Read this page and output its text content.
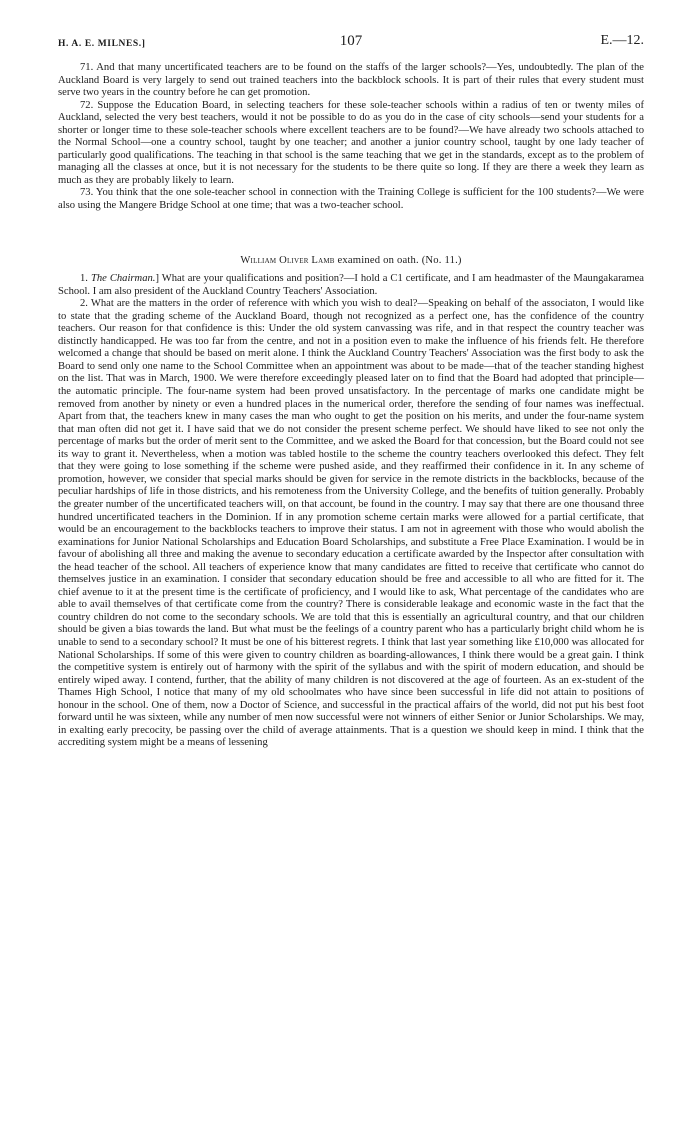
H. A. E. MILNES.]	107	E.—12.

71. And that many uncertificated teachers are to be found on the staffs of the larger schools?—Yes, undoubtedly. The plan of the Auckland Board is very largely to send out trained teachers into the backblock schools. It is part of their rules that every student must serve two years in the country before he can get promotion.

72. Suppose the Education Board, in selecting teachers for these sole-teacher schools within a radius of ten or twenty miles of Auckland, selected the very best teachers, would it not be possible to do as you do in the case of city schools—send your students for a shorter or longer time to these sole-teacher schools where excellent teachers are to be found?—We have already two schools attached to the Normal School—one a country school, taught by one teacher; and another a junior country school, taught by one lady teacher of particularly good qualifications. The teaching in that school is the same teaching that we get in the standards, except as to the problem of managing all the classes at once, but it is not necessary for the students to be there quite so long. If they are there a week they learn as much as they are probably likely to learn.

73. You think that the one sole-teacher school in connection with the Training College is sufficient for the 100 students?—We were also using the Mangere Bridge School at one time; that was a two-teacher school.

William Oliver Lamb examined on oath. (No. 11.)

1. The Chairman.] What are your qualifications and position?—I hold a C1 certificate, and I am headmaster of the Maungakaramea School. I am also president of the Auckland Country Teachers' Association.

2. What are the matters in the order of reference with which you wish to deal?—Speaking on behalf of the associaton, I would like to state that the grading scheme of the Auckland Board, though not recognized as a perfect one, has the confidence of the country teachers. Our reason for that confidence is this: Under the old system canvassing was rife, and in that respect the country teacher was distinctly handicapped. He was too far from the centre, and not in a position even to make the influence of his friends felt. He therefore welcomed a change that should be based on merit alone. I think the Auckland Country Teachers' Association was the first body to ask the Board to send only one name to the School Committee when an appointment was about to be made—that of the teacher standing highest on the list. That was in March, 1900. We were therefore exceedingly pleased later on to find that the Board had adopted that principle—the automatic principle. The four-name system had been proved unsatisfactory. In the percentage of marks one candidate might be removed from another by ninety or even a hundred places in the numerical order, therefore the sending of four names was ineffectual. Apart from that, the teachers knew in many cases the man who ought to get the position on his merits, and under the four-name system that man often did not get it. I have said that we do not consider the present scheme perfect. We should have liked to see not only the percentage of marks but the order of merit sent to the Committee, and we asked the Board for that concession, but the Board could not see its way to grant it. Nevertheless, when a motion was tabled hostile to the scheme the country teachers overlooked this defect. They felt that they were going to lose something if the scheme were pushed aside, and they reaffirmed their confidence in it. In any scheme of promotion, however, we consider that special marks should be given for service in the remote districts in the backblocks, because of the peculiar hardships of life in those districts, and his remoteness from the University College, and the benefits of tuition generally. Probably the greater number of the uncertificated teachers will, on that account, be found in the country. I may say that there are one thousand three hundred uncertificated teachers in the Dominion. If in any promotion scheme certain marks were allowed for a partial certificate, that would be an encouragement to the backblocks teachers to improve their status. I am not in agreement with those who would abolish the examinations for Junior National Scholarships and Education Board Scholarships, and substitute a Free Place Examination. I would be in favour of abolishing all three and making the avenue to secondary education a certificate awarded by the Inspector after consultation with the head teacher of the school. All teachers of experience know that many candidates are fitted to receive that certificate who cannot do themselves justice in an examination. I consider that secondary education should be free and accessible to all who are fitted for it. The chief avenue to it at the present time is the certificate of proficiency, and I would like to ask, What percentage of the candidates who are able to avail themselves of that certificate come from the country? There is considerable leakage and economic waste in the fact that the country children do not come to the secondary schools. We are told that this is essentially an agricultural country, and that our children should be given a bias towards the land. But what must be the feelings of a country parent who has a particularly bright child whom he is unable to send to a secondary school? It must be one of his bitterest regrets. I think that last year something like £10,000 was allocated for National Scholarships. If some of this were given to country children as boarding-allowances, I think there would be a great gain. I think the competitive system is entirely out of harmony with the spirit of the syllabus and with the spirit of modern education, and should be entirely wiped away. I contend, further, that the ability of many children is not discovered at the age of fourteen. As an ex-student of the Thames High School, I notice that many of my old schoolmates who have since been successful in life did not attain to positions of honour in the school. One of them, now a Doctor of Science, and successful in the practical affairs of the world, did not put his best foot forward until he was sixteen, while any number of men now successful were not winners of either Senior or Junior Scholarships. We may, in exalting early precocity, be passing over the child of average attainments. That is a question we should keep in mind. I think that the accrediting system might be a means of lessening
